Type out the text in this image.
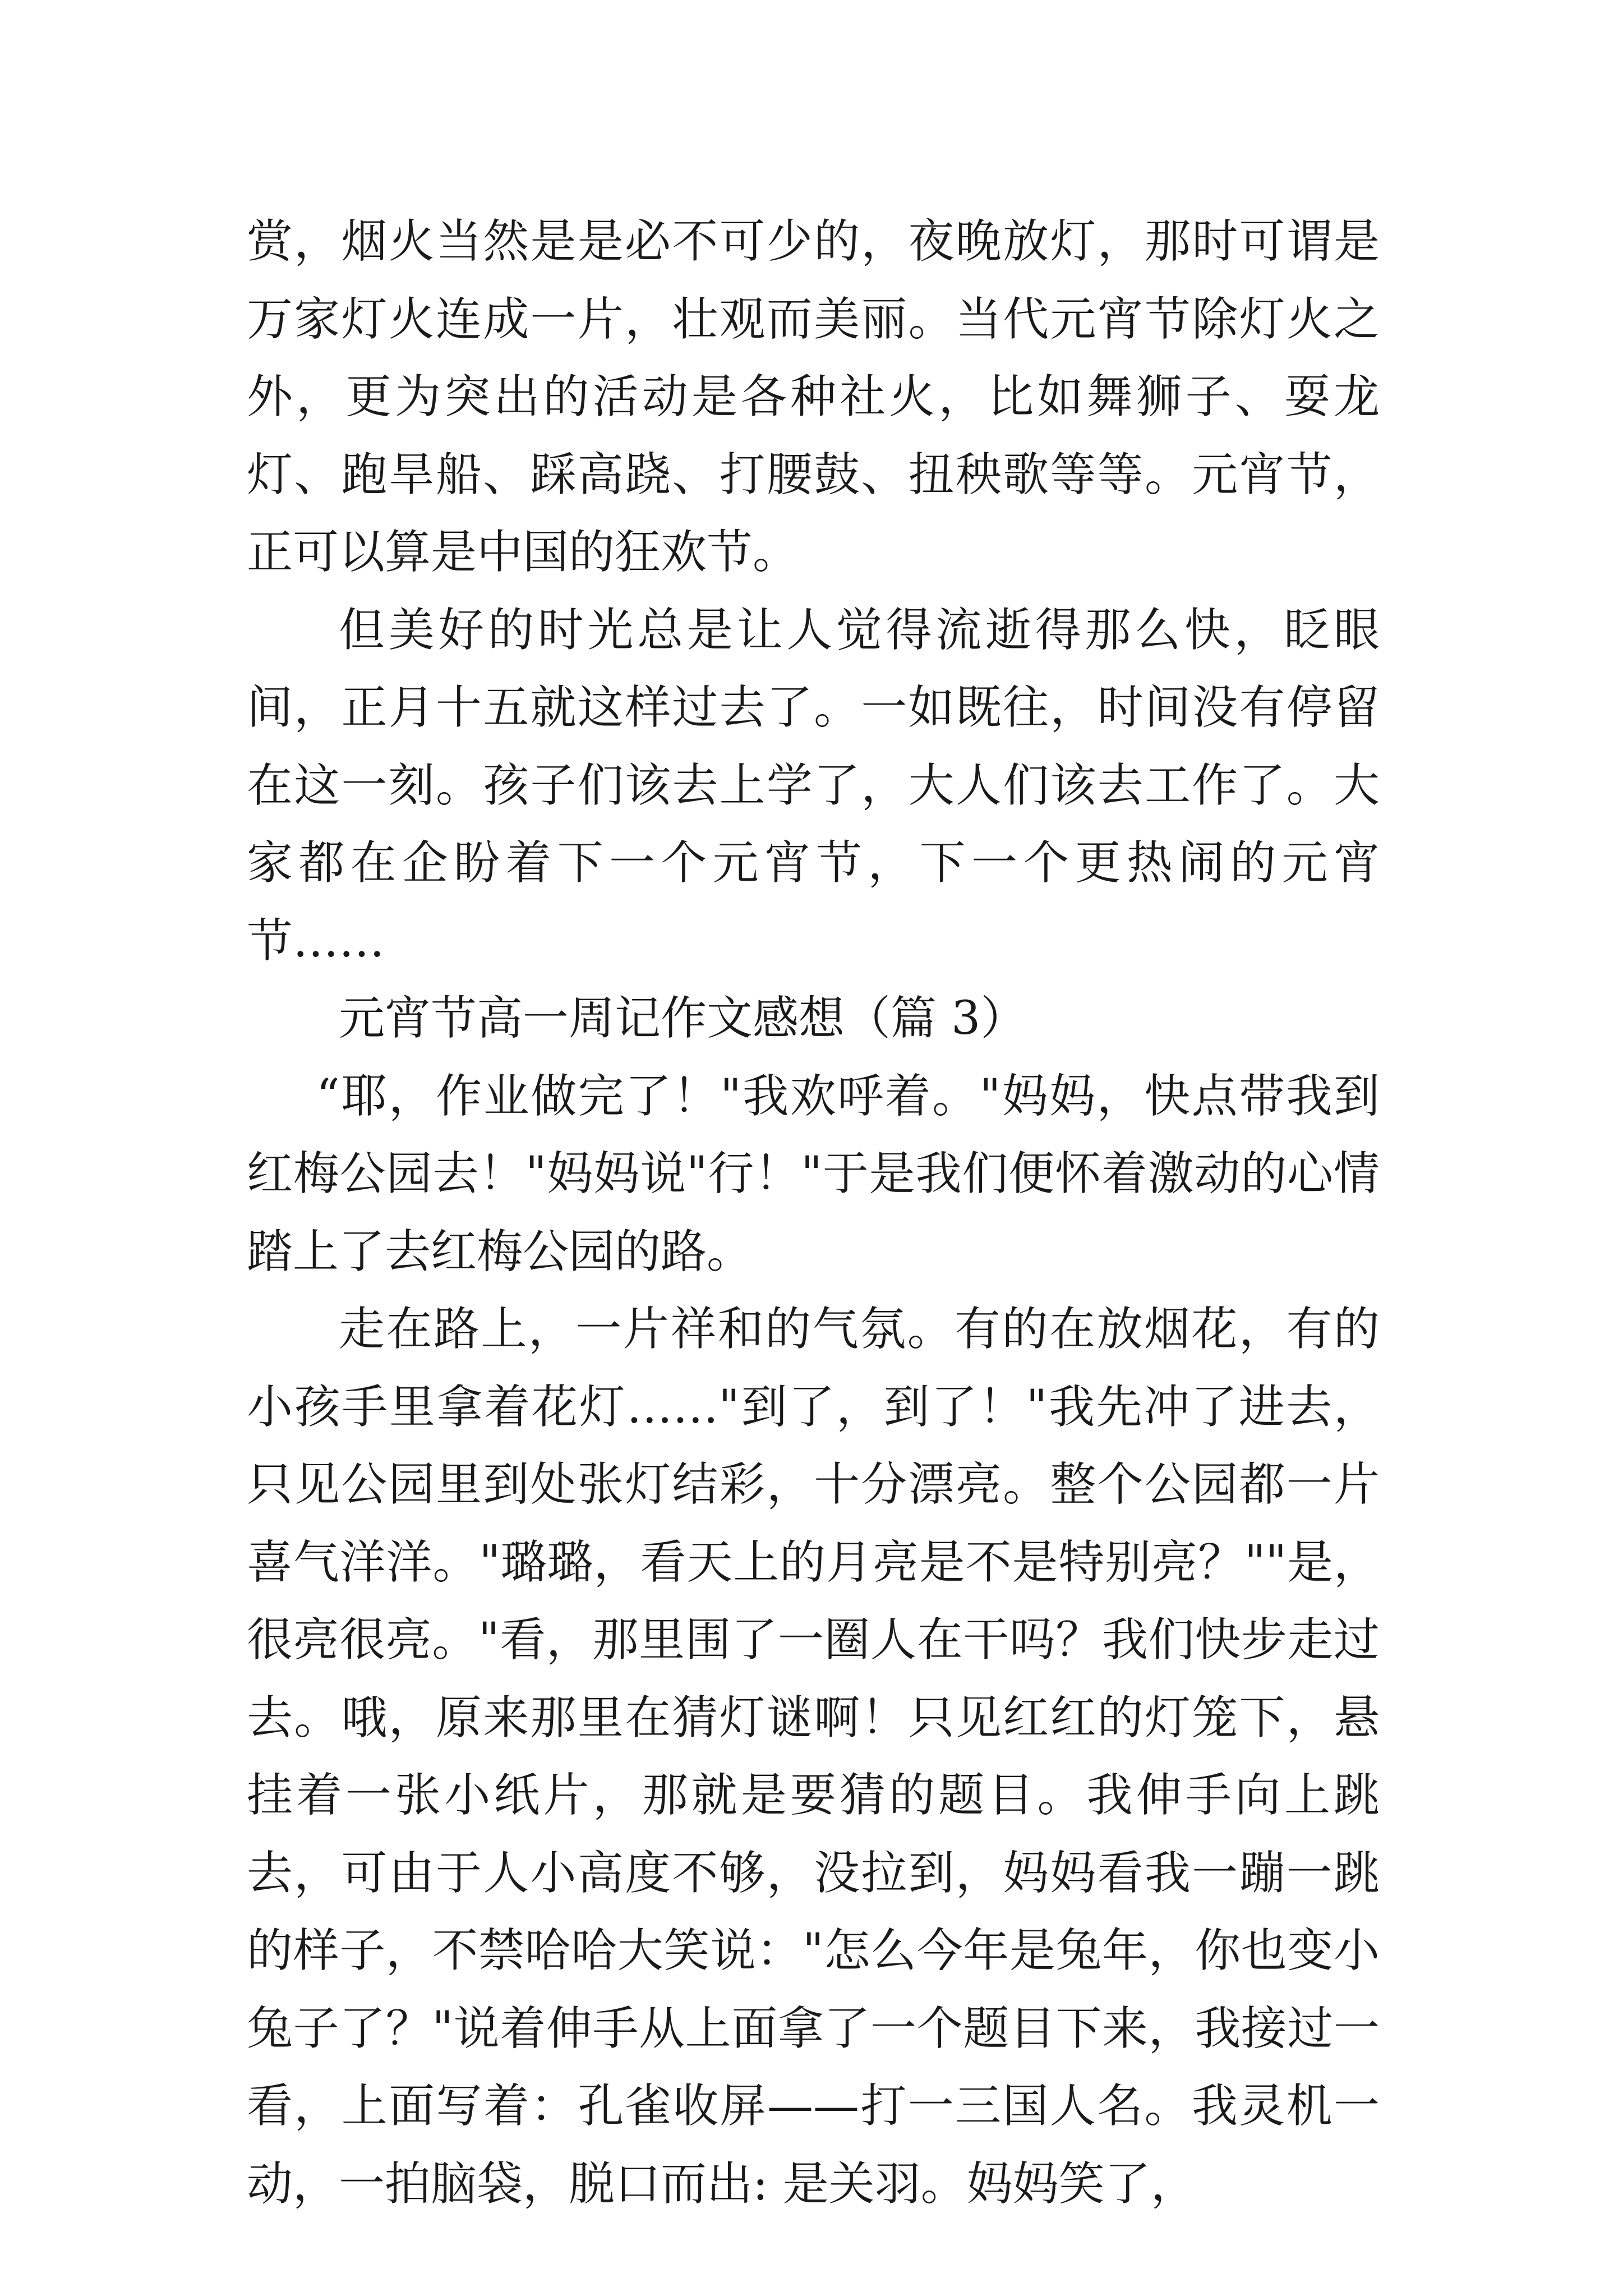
赏，烟火当然是是必不可少的，夜晚放灯，那时可谓是万家灯火连成一片，壮观而美丽。当代元宵节除灯火之外，更为突出的活动是各种社火，比如舞狮子、耍龙灯、跑旱船、踩高跷、打腰鼓、扭秧歌等等。元宵节，正可以算是中国的狂欢节。

但美好的时光总是让人觉得流逝得那么快，眨眼间，正月十五就这样过去了。一如既往，时间没有停留在这一刻。孩子们该去上学了，大人们该去工作了。大家都在企盼着下一个元宵节，下一个更热闹的元宵节……

元宵节高一周记作文感想（篇 3）

“耶，作业做完了！"我欢呼着。"妈妈，快点带我到红梅公园去！"妈妈说"行！"于是我们便怀着激动的心情踏上了去红梅公园的路。

走在路上，一片祥和的气氛。有的在放烟花，有的小孩手里拿着花灯……"到了，到了！"我先冲了进去，只见公园里到处张灯结彩，十分漂亮。整个公园都一片喜气洋洋。"璐璐，看天上的月亮是不是特别亮？""是，很亮很亮。"看，那里围了一圈人在干吗？我们快步走过去。哦，原来那里在猜灯谜啊！只见红红的灯笼下，悬挂着一张小纸片，那就是要猜的题目。我伸手向上跳去，可由于人小高度不够，没拉到，妈妈看我一蹦一跳的样子，不禁哈哈大笑说："怎么今年是兔年，你也变小兔子了？"说着伸手从上面拿了一个题目下来，我接过一看，上面写着：孔雀收屏——打一三国人名。我灵机一动，一拍脑袋，脱口而出: 是关羽。妈妈笑了，
